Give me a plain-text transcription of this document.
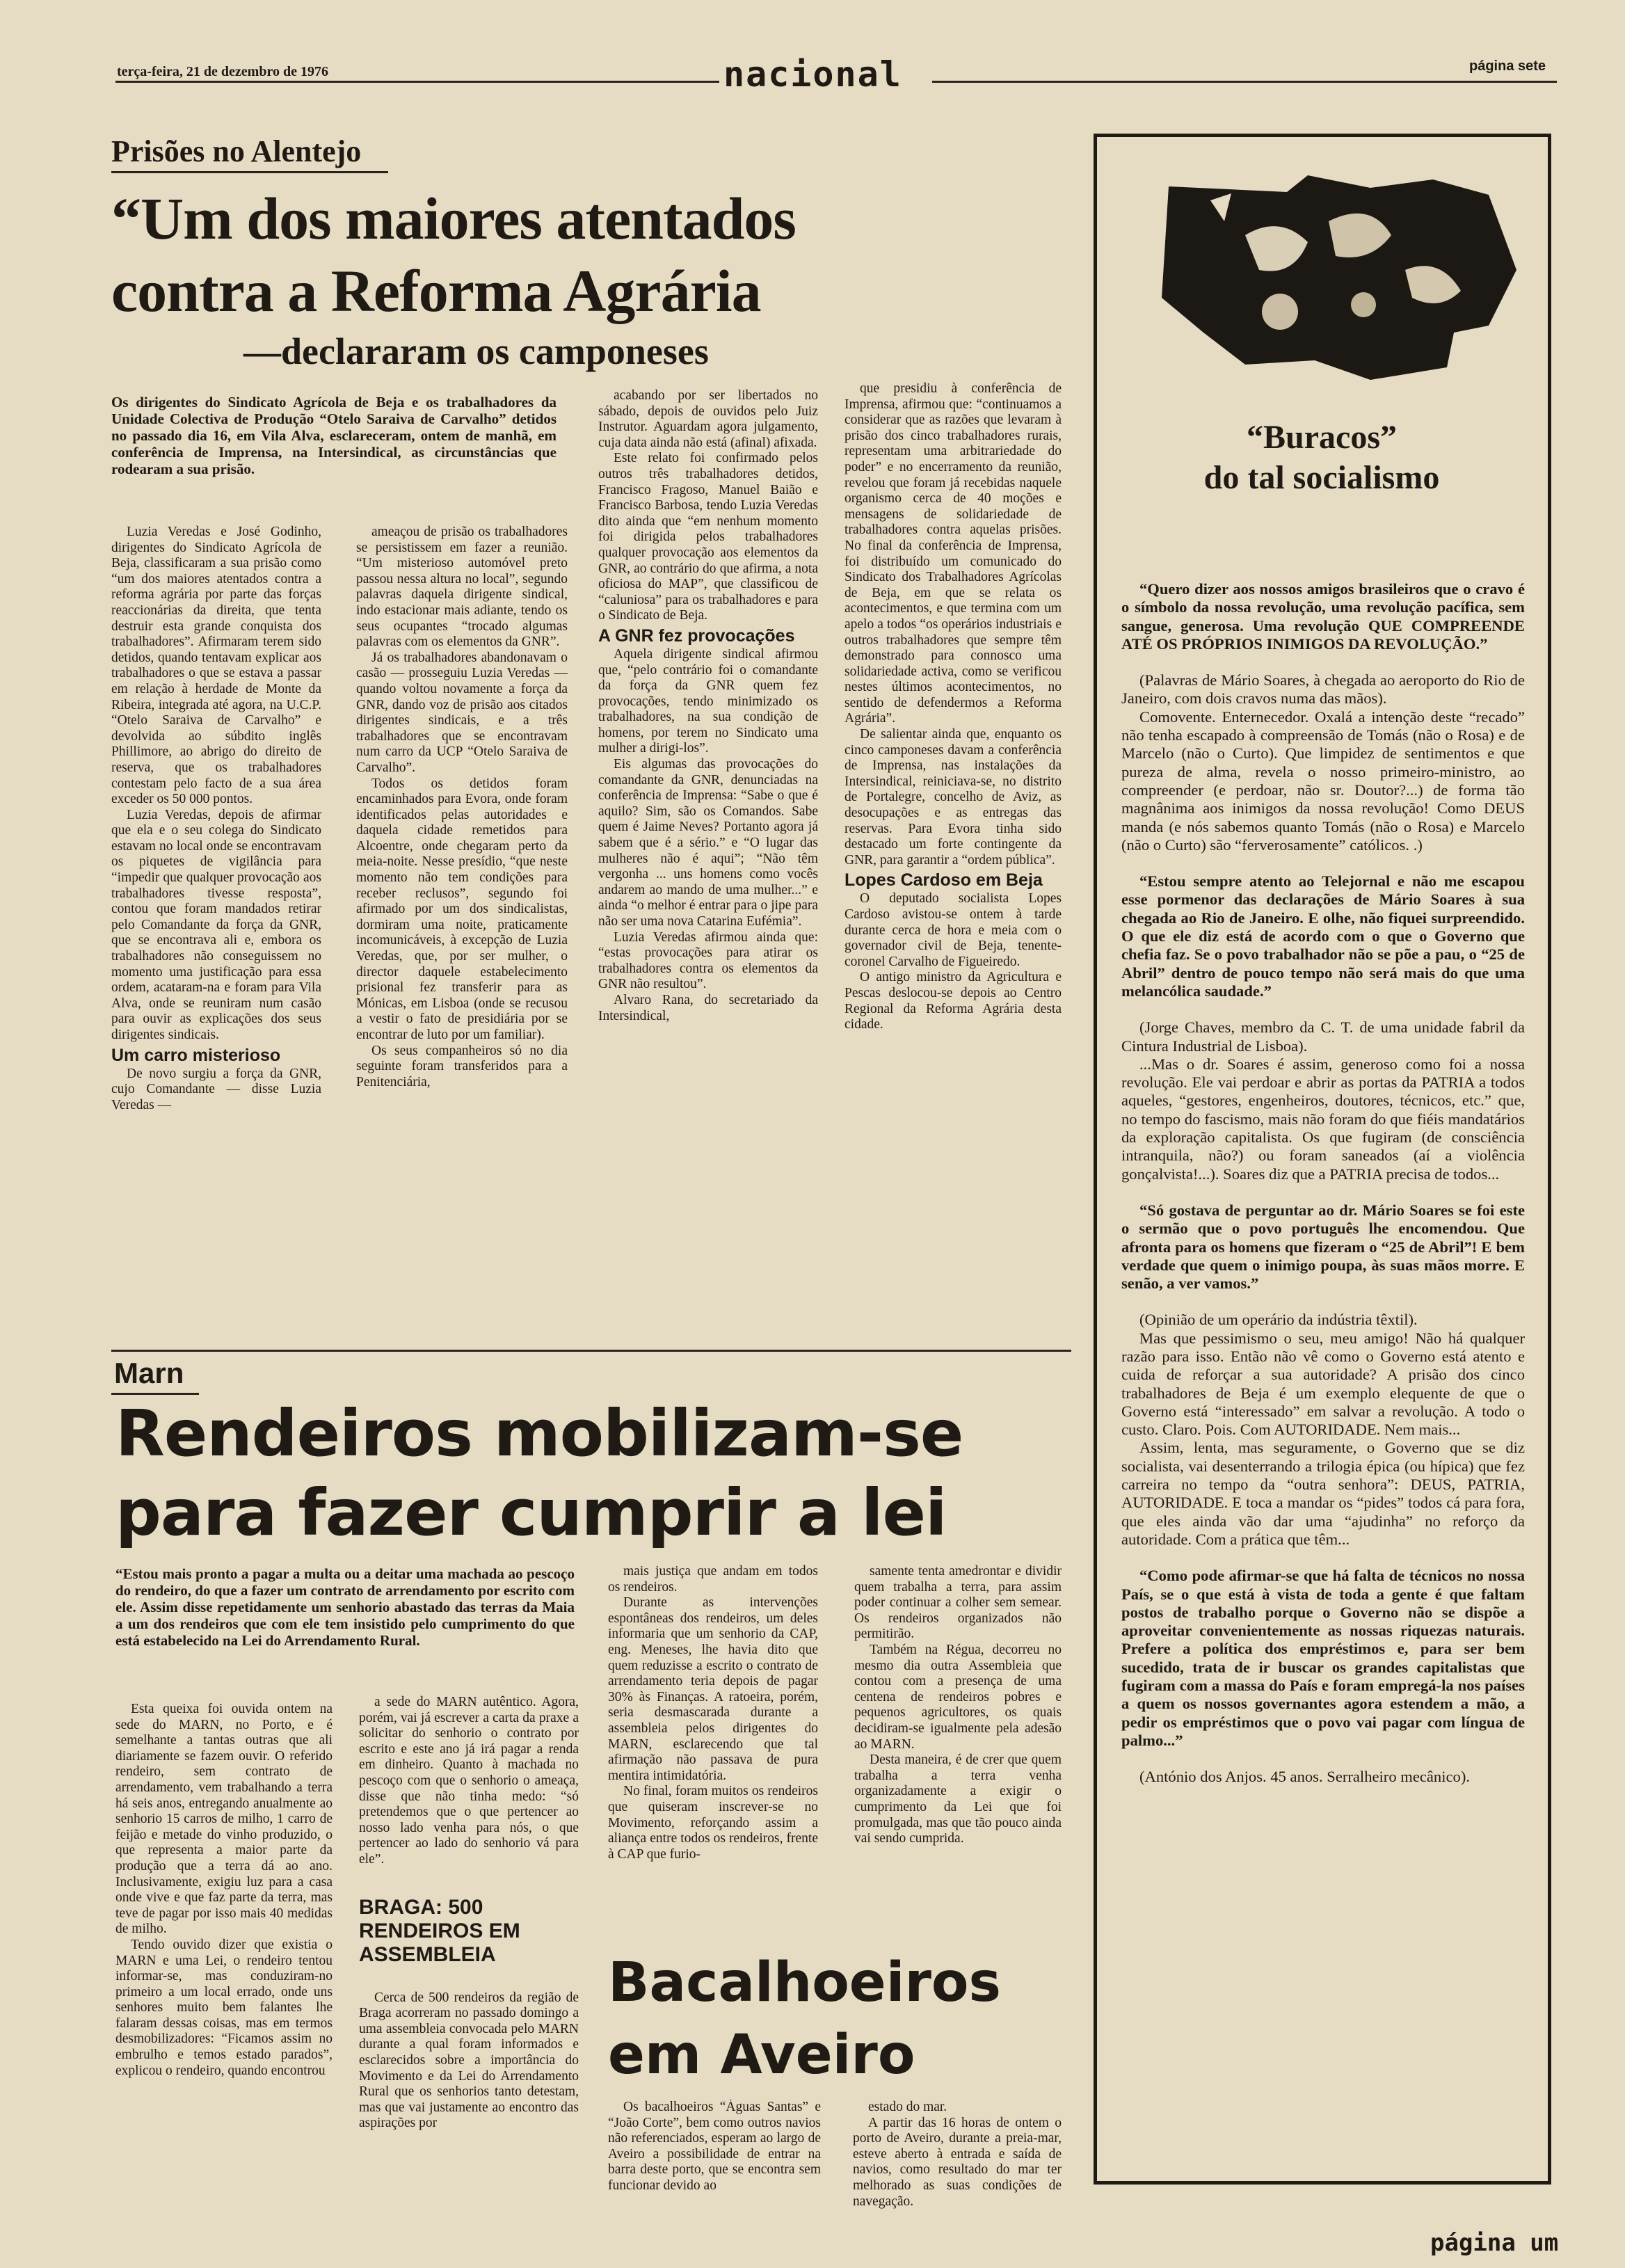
terça-feira, 21 de dezembro de 1976	nacional	página sete
Prisões no Alentejo
“Um dos maiores atentados
contra a Reforma Agrária
—declararam os camponeses
Os dirigentes do Sindicato Agrícola de Beja e os trabalhadores da Unidade Colectiva de Produção “Otelo Saraiva de Carvalho” detidos no passado dia 16, em Vila Alva, esclareceram, ontem de manhã, em conferência de Imprensa, na Intersindical, as circunstâncias que rodearam a sua prisão.

Luzia Veredas e José Godinho, dirigentes do Sindicato Agrícola de Beja, classificaram a sua prisão como “um dos maiores atentados contra a reforma agrária por parte das forças reaccionárias da direita, que tenta destruir esta grande conquista dos trabalhadores”. Afirmaram terem sido detidos, quando tentavam explicar aos trabalhadores o que se estava a passar em relação à herdade de Monte da Ribeira, integrada até agora, na U.C.P. “Otelo Saraiva de Carvalho” e devolvida ao súbdito inglês Phillimore, ao abrigo do direito de reserva, que os trabalhadores contestam pelo facto de a sua área exceder os 50 000 pontos.

Luzia Veredas, depois de afirmar que ela e o seu colega do Sindicato estavam no local onde se encontravam os piquetes de vigilância para “impedir que qualquer provocação aos trabalhadores tivesse resposta”, contou que foram mandados retirar pelo Comandante da força da GNR, que se encontrava ali e, embora os trabalhadores não conseguissem no momento uma justificação para essa ordem, acataram-na e foram para Vila Alva, onde se reuniram num casão para ouvir as explicações dos seus dirigentes sindicais.

Um carro misterioso

De novo surgiu a força da GNR, cujo Comandante — disse Luzia Veredas —

ameaçou de prisão os trabalhadores se persistissem em fazer a reunião. “Um misterioso automóvel preto passou nessa altura no local”, segundo palavras daquela dirigente sindical, indo estacionar mais adiante, tendo os seus ocupantes “trocado algumas palavras com os elementos da GNR”.

Já os trabalhadores abandonavam o casão — prosseguiu Luzia Veredas — quando voltou novamente a força da GNR, dando voz de prisão aos citados dirigentes sindicais, e a três trabalhadores que se encontravam num carro da UCP “Otelo Saraiva de Carvalho”.

Todos os detidos foram encaminhados para Evora, onde foram identificados pelas autoridades e daquela cidade remetidos para Alcoentre, onde chegaram perto da meia-noite. Nesse presídio, “que neste momento não tem condições para receber reclusos”, segundo foi afirmado por um dos sindicalistas, dormiram uma noite, praticamente incomunicáveis, à excepção de Luzia Veredas, que, por ser mulher, o director daquele estabelecimento prisional fez transferir para as Mónicas, em Lisboa (onde se recusou a vestir o fato de presidiária por se encontrar de luto por um familiar).

Os seus companheiros só no dia seguinte foram transferidos para a Penitenciária,

acabando por ser libertados no sábado, depois de ouvidos pelo Juiz Instrutor. Aguardam agora julgamento, cuja data ainda não está (afinal) afixada.

Este relato foi confirmado pelos outros três trabalhadores detidos, Francisco Fragoso, Manuel Baião e Francisco Barbosa, tendo Luzia Veredas dito ainda que “em nenhum momento foi dirigida pelos trabalhadores qualquer provocação aos elementos da GNR, ao contrário do que afirma, a nota oficiosa do MAP”, que classificou de “caluniosa” para os trabalhadores e para o Sindicato de Beja.

A GNR fez provocações

Aquela dirigente sindical afirmou que, “pelo contrário foi o comandante da força da GNR quem fez provocações, tendo minimizado os trabalhadores, na sua condição de homens, por terem no Sindicato uma mulher a dirigi-los”.

Eis algumas das provocações do comandante da GNR, denunciadas na conferência de Imprensa: “Sabe o que é aquilo? Sim, são os Comandos. Sabe quem é Jaime Neves? Portanto agora já sabem que é a sério.” e “O lugar das mulheres não é aqui”; “Não têm vergonha ... uns homens como vocês andarem ao mando de uma mulher...” e ainda “o melhor é entrar para o jipe para não ser uma nova Catarina Eufémia”.

Luzia Veredas afirmou ainda que: “estas provocações para atirar os trabalhadores contra os elementos da GNR não resultou”.

Alvaro Rana, do secretariado da Intersindical,

que presidiu à conferência de Imprensa, afirmou que: “continuamos a considerar que as razões que levaram à prisão dos cinco trabalhadores rurais, representam uma arbitrariedade do poder” e no encerramento da reunião, revelou que foram já recebidas naquele organismo cerca de 40 moções e mensagens de solidariedade de trabalhadores contra aquelas prisões. No final da conferência de Imprensa, foi distribuído um comunicado do Sindicato dos Trabalhadores Agrícolas de Beja, em que se relata os acontecimentos, e que termina com um apelo a todos “os operários industriais e outros trabalhadores que sempre têm demonstrado para connosco uma solidariedade activa, como se verificou nestes últimos acontecimentos, no sentido de defendermos a Reforma Agrária”.

De salientar ainda que, enquanto os cinco camponeses davam a conferência de Imprensa, nas instalações da Intersindical, reiniciava-se, no distrito de Portalegre, concelho de Aviz, as desocupações e as entregas das reservas. Para Evora tinha sido destacado um forte contingente da GNR, para garantir a “ordem pública”.

Lopes Cardoso em Beja

O deputado socialista Lopes Cardoso avistou-se ontem à tarde durante cerca de hora e meia com o governador civil de Beja, tenente-coronel Carvalho de Figueiredo.

O antigo ministro da Agricultura e Pescas deslocou-se depois ao Centro Regional da Reforma Agrária desta cidade.

Marn
Rendeiros mobilizam-se
para fazer cumprir a lei
“Estou mais pronto a pagar a multa ou a deitar uma machada ao pescoço do rendeiro, do que a fazer um contrato de arrendamento por escrito com ele. Assim disse repetidamente um senhorio abastado das terras da Maia a um dos rendeiros que com ele tem insistido pelo cumprimento do que está estabelecido na Lei do Arrendamento Rural.

Esta queixa foi ouvida ontem na sede do MARN, no Porto, e é semelhante a tantas outras que ali diariamente se fazem ouvir. O referido rendeiro, sem contrato de arrendamento, vem trabalhando a terra há seis anos, entregando anualmente ao senhorio 15 carros de milho, 1 carro de feijão e metade do vinho produzido, o que representa a maior parte da produção que a terra dá ao ano. Inclusivamente, exigiu luz para a casa onde vive e que faz parte da terra, mas teve de pagar por isso mais 40 medidas de milho.

Tendo ouvido dizer que existia o MARN e uma Lei, o rendeiro tentou informar-se, mas conduziram-no primeiro a um local errado, onde uns senhores muito bem falantes lhe falaram dessas coisas, mas em termos desmobilizadores: “Ficamos assim no embrulho e temos estado parados”, explicou o rendeiro, quando encontrou

a sede do MARN autêntico. Agora, porém, vai já escrever a carta da praxe a solicitar do senhorio o contrato por escrito e este ano já irá pagar a renda em dinheiro. Quanto à machada no pescoço com que o senhorio o ameaça, disse que não tinha medo: “só pretendemos que o que pertencer ao nosso lado venha para nós, o que pertencer ao lado do senhorio vá para ele”.

BRAGA: 500 RENDEIROS EM ASSEMBLEIA

Cerca de 500 rendeiros da região de Braga acorreram no passado domingo a uma assembleia convocada pelo MARN durante a qual foram informados e esclarecidos sobre a importância do Movimento e da Lei do Arrendamento Rural que os senhorios tanto detestam, mas que vai justamente ao encontro das aspirações por

mais justiça que andam em todos os rendeiros.

Durante as intervenções espontâneas dos rendeiros, um deles informaria que um senhorio da CAP, eng. Meneses, lhe havia dito que quem reduzisse a escrito o contrato de arrendamento teria depois de pagar 30% às Finanças. A ratoeira, porém, seria desmascarada durante a assembleia pelos dirigentes do MARN, esclarecendo que tal afirmação não passava de pura mentira intimidatória.

No final, foram muitos os rendeiros que quiseram inscrever-se no Movimento, reforçando assim a aliança entre todos os rendeiros, frente à CAP que furio-

samente tenta amedrontar e dividir quem trabalha a terra, para assim poder continuar a colher sem semear. Os rendeiros organizados não permitirão.

Também na Régua, decorreu no mesmo dia outra Assembleia que contou com a presença de uma centena de rendeiros pobres e pequenos agricultores, os quais decidiram-se igualmente pela adesão ao MARN.

Desta maneira, é de crer que quem trabalha a terra venha organizadamente a exigir o cumprimento da Lei que foi promulgada, mas que tão pouco ainda vai sendo cumprida.

Bacalhoeiros
em Aveiro

Os bacalhoeiros “Águas Santas” e “João Corte”, bem como outros navios não referenciados, esperam ao largo de Aveiro a possibilidade de entrar na barra deste porto, que se encontra sem funcionar devido ao

estado do mar.

A partir das 16 horas de ontem o porto de Aveiro, durante a preia-mar, esteve aberto à entrada e saída de navios, como resultado do mar ter melhorado as suas condições de navegação.

“Buracos”
do tal socialismo

“Quero dizer aos nossos amigos brasileiros que o cravo é o símbolo da nossa revolução, uma revolução pacífica, sem sangue, generosa. Uma revolução QUE COMPREENDE ATÉ OS PRÓPRIOS INIMIGOS DA REVOLUÇÃO.”

(Palavras de Mário Soares, à chegada ao aeroporto do Rio de Janeiro, com dois cravos numa das mãos).

Comovente. Enternecedor. Oxalá a intenção deste “recado” não tenha escapado à compreensão de Tomás (não o Rosa) e de Marcelo (não o Curto). Que limpidez de sentimentos e que pureza de alma, revela o nosso primeiro-ministro, ao compreender (e perdoar, não sr. Doutor?...) de forma tão magnânima aos inimigos da nossa revolução! Como DEUS manda (e nós sabemos quanto Tomás (não o Rosa) e Marcelo (não o Curto) são “ferverosamente” católicos. .)

“Estou sempre atento ao Telejornal e não me escapou esse pormenor das declarações de Mário Soares à sua chegada ao Rio de Janeiro. E olhe, não fiquei surpreendido. O que ele diz está de acordo com o que o Governo que chefia faz. Se o povo trabalhador não se põe a pau, o “25 de Abril” dentro de pouco tempo não será mais do que uma melancólica saudade.”

(Jorge Chaves, membro da C. T. de uma unidade fabril da Cintura Industrial de Lisboa).

...Mas o dr. Soares é assim, generoso como foi a nossa revolução. Ele vai perdoar e abrir as portas da PATRIA a todos aqueles, “gestores, engenheiros, doutores, técnicos, etc.” que, no tempo do fascismo, mais não foram do que fiéis mandatários da exploração capitalista. Os que fugiram (de consciência intranquila, não?) ou foram saneados (aí a violência gonçalvista!...). Soares diz que a PATRIA precisa de todos...

“Só gostava de perguntar ao dr. Mário Soares se foi este o sermão que o povo português lhe encomendou. Que afronta para os homens que fizeram o “25 de Abril”! E bem verdade que quem o inimigo poupa, às suas mãos morre. E senão, a ver vamos.”

(Opinião de um operário da indústria têxtil).

Mas que pessimismo o seu, meu amigo! Não há qualquer razão para isso. Então não vê como o Governo está atento e cuida de reforçar a sua autoridade? A prisão dos cinco trabalhadores de Beja é um exemplo elequente de que o Governo está “interessado” em salvar a revolução. A todo o custo. Claro. Pois. Com AUTORIDADE. Nem mais...

Assim, lenta, mas seguramente, o Governo que se diz socialista, vai desenterrando a trilogia épica (ou hípica) que fez carreira no tempo da “outra senhora”: DEUS, PATRIA, AUTORIDADE. E toca a mandar os “pides” todos cá para fora, que eles ainda vão dar uma “ajudinha” no reforço da autoridade. Com a prática que têm...

“Como pode afirmar-se que há falta de técnicos no nossa País, se o que está à vista de toda a gente é que faltam postos de trabalho porque o Governo não se dispõe a aproveitar convenientemente as nossas riquezas naturais. Prefere a política dos empréstimos e, para ser bem sucedido, trata de ir buscar os grandes capitalistas que fugiram com a massa do País e foram empregá-la nos países a quem os nossos governantes agora estendem a mão, a pedir os empréstimos que o povo vai pagar com língua de palmo...”

(António dos Anjos. 45 anos. Serralheiro mecânico).

página um
